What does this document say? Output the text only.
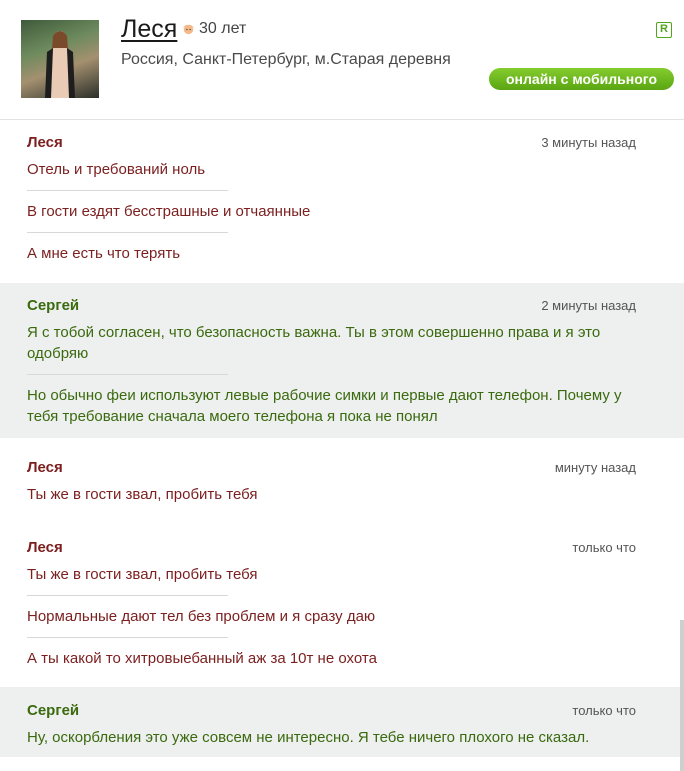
Леся 30 лет
Россия, Санкт-Петербург, м.Старая деревня
R
онлайн с мобильного
Леся	3 минуты назад
Отель и требований ноль
В гости ездят бесстрашные и отчаянные
А мне есть что терять
Сергей	2 минуты назад
Я с тобой согласен, что безопасность важна. Ты в этом совершенно права и я это одобряю
Но обычно феи используют левые рабочие симки и первые дают телефон. Почему у тебя требование сначала моего телефона я пока не понял
Леся	минуту назад
Ты же в гости звал, пробить тебя
Леся	только что
Ты же в гости звал, пробить тебя
Нормальные дают тел без проблем и я сразу даю
А ты какой то хитровыебанный аж за 10т не охота
Сергей	только что
Ну, оскорбления это уже совсем не интересно. Я тебе ничего плохого не сказал.
